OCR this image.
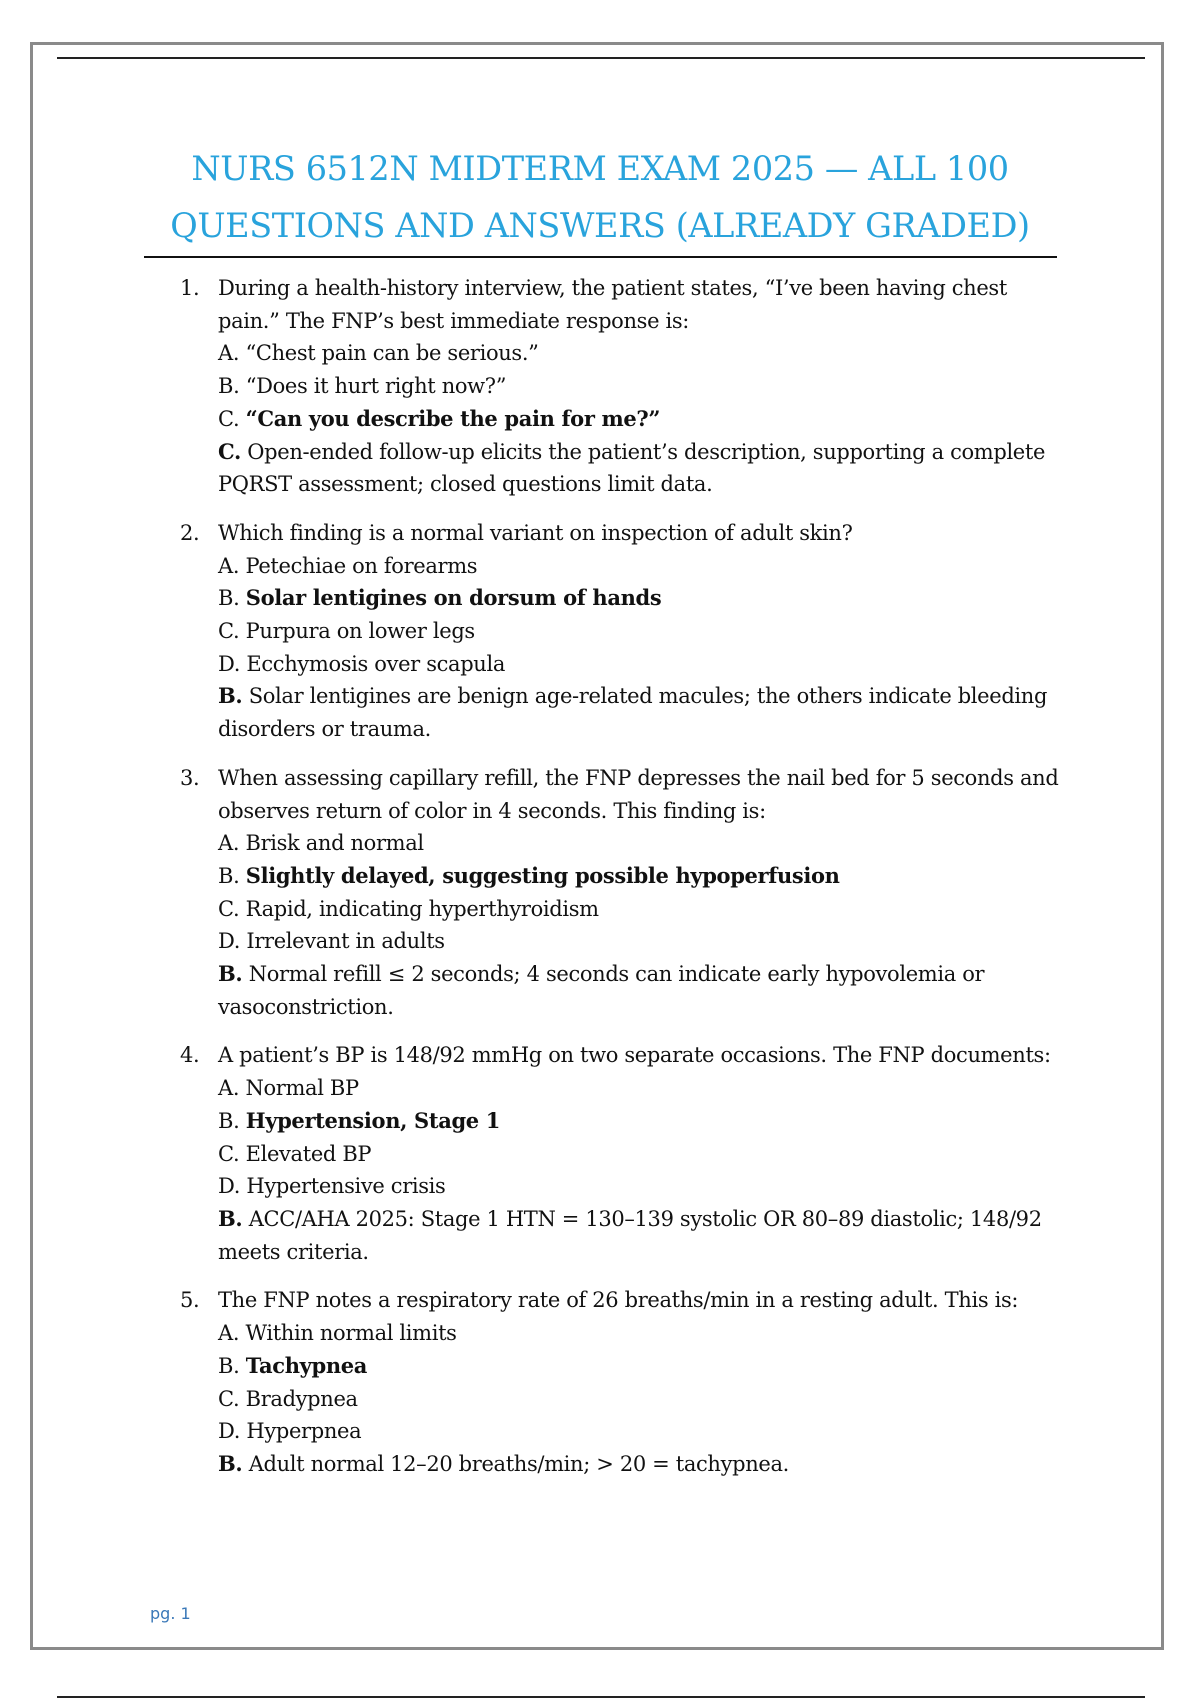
NURS 6512N MIDTERM EXAM 2025 — ALL 100
QUESTIONS AND ANSWERS (ALREADY GRADED)
1. During a health-history interview, the patient states, “I’ve been having chest
pain.” The FNP’s best immediate response is:
A. “Chest pain can be serious.”
B. “Does it hurt right now?”
C. “Can you describe the pain for me?”
C. Open-ended follow-up elicits the patient’s description, supporting a complete
PQRST assessment; closed questions limit data.
2. Which finding is a normal variant on inspection of adult skin?
A. Petechiae on forearms
B. Solar lentigines on dorsum of hands
C. Purpura on lower legs
D. Ecchymosis over scapula
B. Solar lentigines are benign age-related macules; the others indicate bleeding
disorders or trauma.
3. When assessing capillary refill, the FNP depresses the nail bed for 5 seconds and
observes return of color in 4 seconds. This finding is:
A. Brisk and normal
B. Slightly delayed, suggesting possible hypoperfusion
C. Rapid, indicating hyperthyroidism
D. Irrelevant in adults
B. Normal refill ≤ 2 seconds; 4 seconds can indicate early hypovolemia or
vasoconstriction.
4. A patient’s BP is 148/92 mmHg on two separate occasions. The FNP documents:
A. Normal BP
B. Hypertension, Stage 1
C. Elevated BP
D. Hypertensive crisis
B. ACC/AHA 2025: Stage 1 HTN = 130–139 systolic OR 80–89 diastolic; 148/92
meets criteria.
5. The FNP notes a respiratory rate of 26 breaths/min in a resting adult. This is:
A. Within normal limits
B. Tachypnea
C. Bradypnea
D. Hyperpnea
B. Adult normal 12–20 breaths/min; > 20 = tachypnea.
pg. 1
